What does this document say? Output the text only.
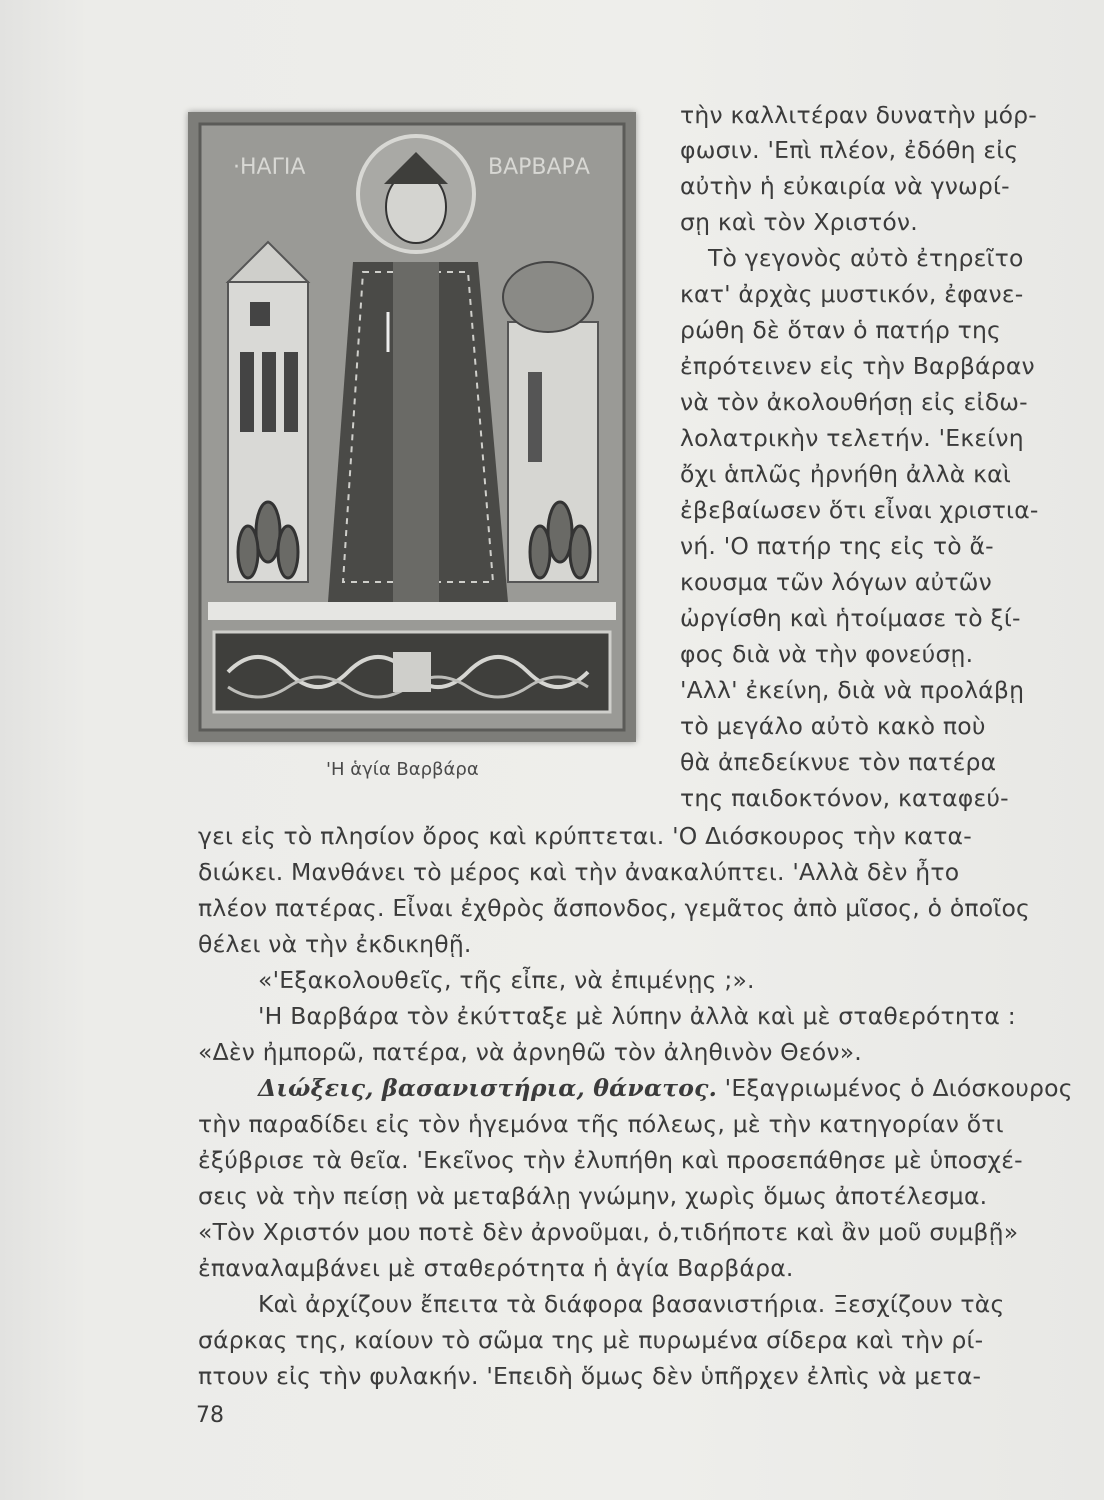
·ΗΑΓΙΑ	ΒΑΡΒΑΡΑ
'Η ἁγία Βαρβάρα
τὴν καλλιτέραν δυνατὴν μόρ-
φωσιν. 'Επὶ πλέον, ἐδόθη εἰς
αὐτὴν ἡ εὐκαιρία νὰ γνωρί-
σῃ καὶ τὸν Χριστόν.
Τὸ γεγονὸς αὐτὸ ἐτηρεῖτο
κατ' ἀρχὰς μυστικόν, ἐφανε-
ρώθη δὲ ὅταν ὁ πατήρ της
ἐπρότεινεν εἰς τὴν Βαρβάραν
νὰ τὸν ἀκολουθήσῃ εἰς εἰδω-
λολατρικὴν τελετήν. 'Εκείνη
ὄχι ἁπλῶς ἠρνήθη ἀλλὰ καὶ
ἐβεβαίωσεν ὅτι εἶναι χριστια-
νή. 'Ο πατήρ της εἰς τὸ ἄ-
κουσμα τῶν λόγων αὐτῶν
ὠργίσθη καὶ ἡτοίμασε τὸ ξί-
φος διὰ νὰ τὴν φονεύσῃ.
'Αλλ' ἐκείνη, διὰ νὰ προλάβῃ
τὸ μεγάλο αὐτὸ κακὸ ποὺ
θὰ ἀπεδείκνυε τὸν πατέρα
της παιδοκτόνον, καταφεύ-
γει εἰς τὸ πλησίον ὄρος καὶ κρύπτεται. 'Ο Διόσκουρος τὴν κατα-
διώκει. Μανθάνει τὸ μέρος καὶ τὴν ἀνακαλύπτει. 'Αλλὰ δὲν ἦτο
πλέον πατέρας. Εἶναι ἐχθρὸς ἄσπονδος, γεμᾶτος ἀπὸ μῖσος, ὁ ὁποῖος
θέλει νὰ τὴν ἐκδικηθῇ.
«'Εξακολουθεῖς, τῆς εἶπε, νὰ ἐπιμένῃς ;».
'Η Βαρβάρα τὸν ἐκύτταξε μὲ λύπην ἀλλὰ καὶ μὲ σταθερότητα :
«Δὲν ἠμπορῶ, πατέρα, νὰ ἀρνηθῶ τὸν ἀληθινὸν Θεόν».
Διώξεις, βασανιστήρια, θάνατος. 'Εξαγριωμένος ὁ Διόσκουρος
τὴν παραδίδει εἰς τὸν ἡγεμόνα τῆς πόλεως, μὲ τὴν κατηγορίαν ὅτι
ἐξύβρισε τὰ θεῖα. 'Εκεῖνος τὴν ἐλυπήθη καὶ προσεπάθησε μὲ ὑποσχέ-
σεις νὰ τὴν πείσῃ νὰ μεταβάλῃ γνώμην, χωρὶς ὅμως ἀποτέλεσμα.
«Τὸν Χριστόν μου ποτὲ δὲν ἀρνοῦμαι, ὁ,τιδήποτε καὶ ἂν μοῦ συμβῇ»
ἐπαναλαμβάνει μὲ σταθερότητα ἡ ἁγία Βαρβάρα.
Καὶ ἀρχίζουν ἔπειτα τὰ διάφορα βασανιστήρια. Ξεσχίζουν τὰς
σάρκας της, καίουν τὸ σῶμα της μὲ πυρωμένα σίδερα καὶ τὴν ρί-
πτουν εἰς τὴν φυλακήν. 'Επειδὴ ὅμως δὲν ὑπῆρχεν ἐλπὶς νὰ μετα-
78
